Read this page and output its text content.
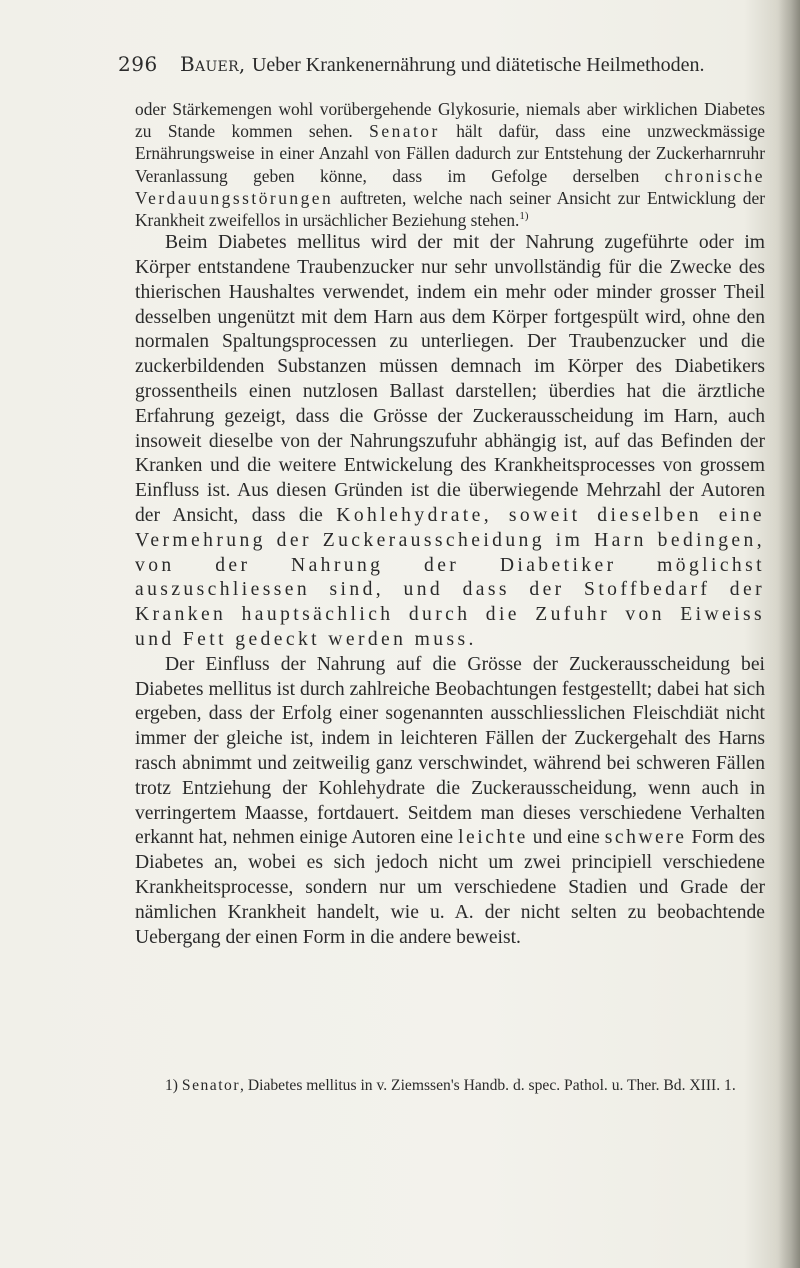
296 Bauer, Ueber Krankenernährung und diätetische Heilmethoden.

oder Stärkemengen wohl vorübergehende Glykosurie, niemals aber wirklichen Diabetes zu Stande kommen sehen. Senator hält dafür, dass eine unzweckmässige Ernährungsweise in einer Anzahl von Fällen dadurch zur Entstehung der Zuckerharnruhr Veranlassung geben könne, dass im Gefolge derselben chronische Verdauungsstörungen auftreten, welche nach seiner Ansicht zur Entwicklung der Krankheit zweifellos in ursächlicher Beziehung stehen.$^{1)}$

Beim Diabetes mellitus wird der mit der Nahrung zugeführte oder im Körper entstandene Traubenzucker nur sehr unvollständig für die Zwecke des thierischen Haushaltes verwendet, indem ein mehr oder minder grosser Theil desselben ungenützt mit dem Harn aus dem Körper fortgespült wird, ohne den normalen Spaltungsprocessen zu unterliegen. Der Traubenzucker und die zuckerbildenden Substanzen müssen demnach im Körper des Diabetikers grossentheils einen nutzlosen Ballast darstellen; überdies hat die ärztliche Erfahrung gezeigt, dass die Grösse der Zuckerausscheidung im Harn, auch insoweit dieselbe von der Nahrungszufuhr abhängig ist, auf das Befinden der Kranken und die weitere Entwickelung des Krankheitsprocesses von grossem Einfluss ist. Aus diesen Gründen ist die überwiegende Mehrzahl der Autoren der Ansicht, dass die Kohlehydrate, soweit dieselben eine Vermehrung der Zuckerausscheidung im Harn bedingen, von der Nahrung der Diabetiker möglichst auszuschliessen sind, und dass der Stoffbedarf der Kranken hauptsächlich durch die Zufuhr von Eiweiss und Fett gedeckt werden muss.

Der Einfluss der Nahrung auf die Grösse der Zuckerausscheidung bei Diabetes mellitus ist durch zahlreiche Beobachtungen festgestellt; dabei hat sich ergeben, dass der Erfolg einer sogenannten ausschliesslichen Fleischdiät nicht immer der gleiche ist, indem in leichteren Fällen der Zuckergehalt des Harns rasch abnimmt und zeitweilig ganz verschwindet, während bei schweren Fällen trotz Entziehung der Kohlehydrate die Zuckerausscheidung, wenn auch in verringertem Maasse, fortdauert. Seitdem man dieses verschiedene Verhalten erkannt hat, nehmen einige Autoren eine leichte und eine schwere Form des Diabetes an, wobei es sich jedoch nicht um zwei principiell verschiedene Krankheitsprocesse, sondern nur um verschiedene Stadien und Grade der nämlichen Krankheit handelt, wie u. A. der nicht selten zu beobachtende Uebergang der einen Form in die andere beweist.

1) Senator, Diabetes mellitus in v. Ziemssen's Handb. d. spec. Pathol. u. Ther. Bd. XIII. 1.
